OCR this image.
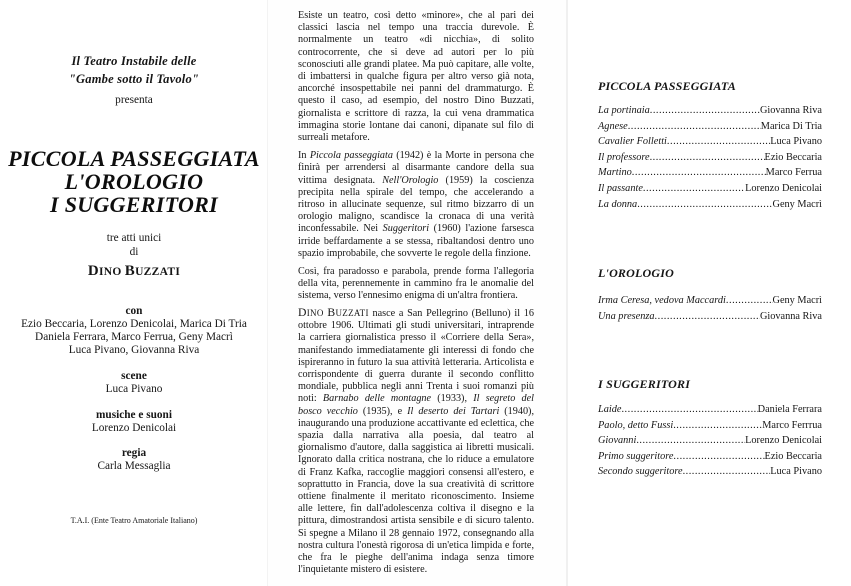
Il Teatro Instabile delle
"Gambe sotto il Tavolo"
presenta
PICCOLA PASSEGGIATA
L'OROLOGIO
I SUGGERITORI
tre atti unici
di
DINO BUZZATI
con
Ezio Beccaria, Lorenzo Denicolai, Marica Di Tria
Daniela Ferrara, Marco Ferrua, Geny Macrì
Luca Pivano, Giovanna Riva
scene
Luca Pivano
musiche e suoni
Lorenzo Denicolai
regia
Carla Messaglia
T.A.I. (Ente Teatro Amatoriale Italiano)

Esiste un teatro, così detto «minore», che al pari dei classici lascia nel tempo una traccia durevole. È normalmente un teatro «di nicchia», di solito controcorrente, che si deve ad autori per lo più sconosciuti alle grandi platee. Ma può capitare, alle volte, di imbattersi in qualche figura per altro verso già nota, ancorché insospettabile nei panni del drammaturgo. È questo il caso, ad esempio, del nostro Dino Buzzati, giornalista e scrittore di razza, la cui vena drammatica immagina storie lontane dai canoni, dipanate sul filo di surreali metafore.

In Piccola passeggiata (1942) è la Morte in persona che finirà per arrendersi al disarmante candore della sua vittima designata. Nell'Orologio (1959) la coscienza precipita nella spirale del tempo, che accelerando a ritroso in allucinate sequenze, sul ritmo bizzarro di un orologio maligno, scandisce la cronaca di una verità inconfessabile. Nei Suggeritori (1960) l'azione farsesca irride beffardamente a se stessa, ribaltandosi dentro uno spazio improbabile, che sovverte le regole della finzione.

Così, fra paradosso e parabola, prende forma l'allegoria della vita, perennemente in cammino fra le anomalie del sistema, verso l'ennesimo enigma di un'altra frontiera.

DINO BUZZATI nasce a San Pellegrino (Belluno) il 16 ottobre 1906. Ultimati gli studi universitari, intraprende la carriera giornalistica presso il «Corriere della Sera», manifestando immediatamente gli interessi di fondo che ispireranno in futuro la sua attività letteraria. Articolista e corrispondente di guerra durante il secondo conflitto mondiale, pubblica negli anni Trenta i suoi romanzi più noti: Barnabo delle montagne (1933), Il segreto del bosco vecchio (1935), e Il deserto dei Tartari (1940), inaugurando una produzione accattivante ed eclettica, che spazia dalla narrativa alla poesia, dal teatro al giornalismo d'autore, dalla saggistica ai libretti musicali. Ignorato dalla critica nostrana, che lo riduce a emulatore di Franz Kafka, raccoglie maggiori consensi all'estero, e soprattutto in Francia, dove la sua creatività di scrittore ottiene finalmente il meritato riconoscimento. Insieme alle lettere, fin dall'adolescenza coltiva il disegno e la pittura, dimostrandosi artista sensibile e di sicuro talento. Si spegne a Milano il 28 gennaio 1972, consegnando alla nostra cultura l'onestà rigorosa di un'etica limpida e forte, che fra le pieghe dell'anima indaga senza timore l'inquietante mistero di esistere.

PICCOLA PASSEGGIATA
La portinaia .....	Giovanna Riva
Agnese .....	Marica Di Tria
Cavalier Folletti .....	Luca Pivano
Il professore .....	Ezio Beccaria
Martino .....	Marco Ferrua
Il passante .....	Lorenzo Denicolai
La donna .....	Geny Macrì
L'OROLOGIO
Irma Ceresa, vedova Maccardi .....	Geny Macrì
Una presenza .....	Giovanna Riva
I SUGGERITORI
Laide .....	Daniela Ferrara
Paolo, detto Fussi .....	Marco Ferrrua
Giovanni .....	Lorenzo Denicolai
Primo suggeritore .....	Ezio Beccaria
Secondo suggeritore .....	Luca Pivano
